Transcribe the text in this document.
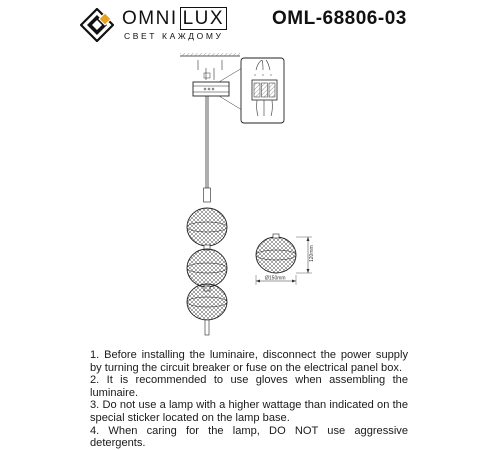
OMNI LUX
СВЕТ КАЖДОМУ
OML-68806-03
120mm
Ø150mm

1. Before installing the luminaire, disconnect the power supply by turning the circuit breaker or fuse on the electrical panel box.

2. It is recommended to use gloves when assembling the luminaire.

3. Do not use a lamp with a higher wattage than indicated on the special sticker located on the lamp base.

4. When caring for the lamp, DO NOT use aggressive detergents.
